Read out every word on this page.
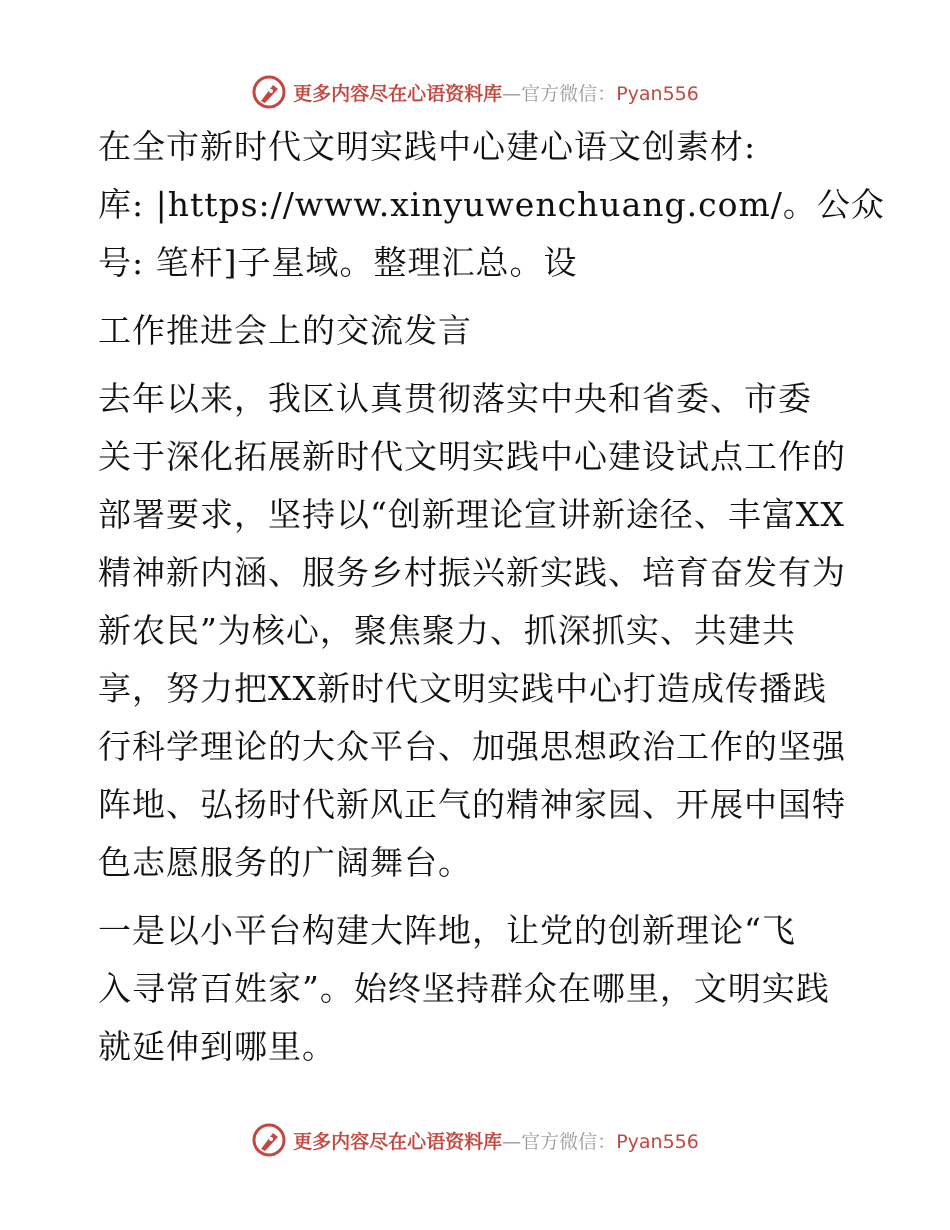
更多内容尽在心语资料库—官方微信：Pyan556

在全市新时代文明实践中心建心语文创素材:
库: |https://www.xinyuwenchuang.com/。公众
号: 笔杆]子星域。整理汇总。设

工作推进会上的交流发言

去年以来，我区认真贯彻落实中央和省委、市委
关于深化拓展新时代文明实践中心建设试点工作的
部署要求，坚持以“创新理论宣讲新途径、丰富XX
精神新内涵、服务乡村振兴新实践、培育奋发有为
新农民”为核心，聚焦聚力、抓深抓实、共建共
享，努力把XX新时代文明实践中心打造成传播践
行科学理论的大众平台、加强思想政治工作的坚强
阵地、弘扬时代新风正气的精神家园、开展中国特
色志愿服务的广阔舞台。

一是以小平台构建大阵地，让党的创新理论“飞
入寻常百姓家”。始终坚持群众在哪里，文明实践
就延伸到哪里。

更多内容尽在心语资料库—官方微信：Pyan556
